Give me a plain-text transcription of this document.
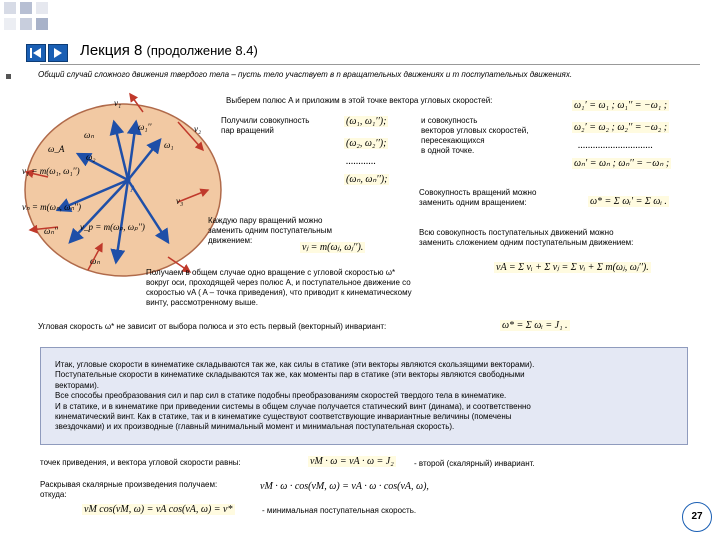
Лекция 8 (продолжение 8.4)
Общий случай сложного движения твердого тела – пусть тело участвует в n вращательных движениях и m поступательных движениях.
v₁
v₂
ω₁′′
ωₙ
ω_A	ω₁
ω₂
v₁ = m(ω₁, ω₁′′)
A
vₙ = m(ωₙ, ωₙ′′)
v₃
ωₙ′′ v_p = m(ωₚ, ωₚ′′)
ωₙ
Выберем полюс A и приложим в этой точке вектора угловых скоростей:
Получили совокупность
пар вращений
(ω₁, ω₁′′);
(ω₂, ω₂′′);
............
(ωₙ, ωₙ′′);
и совокупность
векторов угловых скоростей,
пересекающихся
в одной точке.
ω₁′ = ω₁ ; ω₁′′ = −ω₁ ;
ω₂′ = ω₂ ; ω₂′′ = −ω₂ ;
..............................
ωₙ′ = ωₙ ; ωₙ′′ = −ωₙ ;
Совокупность вращений можно
заменить одним вращением:	ω* = Σ ωᵢ′ = Σ ωᵢ .
Каждую пару вращений можно
заменить одним поступательным
движением:
vⱼ = m(ωⱼ, ωⱼ′′).
Всю совокупность поступательных движений можно
заменить сложением одним поступательным движением:
vA = Σ vᵢ + Σ vⱼ = Σ vᵢ + Σ m(ωⱼ, ωⱼ′′).
Получаем в общем случае одно вращение с угловой скоростью ω*
вокруг оси, проходящей через полюс A, и поступательное движение со
скоростью vA ( A – точка приведения), что приводит к кинематическому
винту, рассмотренному выше.
Угловая скорость ω* не зависит от выбора полюса и это есть первый (векторный) инвариант:	ω* = Σ ωᵢ = J₁ .
Итак, угловые скорости в кинематике складываются так же, как силы в статике (эти векторы являются скользящими векторами).
Поступательные скорости в кинематике складываются так же, как моменты пар в статике (эти векторы являются свободными
векторами).
Все способы преобразования сил и пар сил в статике подобны преобразованиям скоростей твердого тела в кинематике.
И в статике, и в кинематике при приведении системы в общем случае получается статический винт (динама), и соответственно
кинематический винт. Как в статике, так и в кинематике существуют соответствующие инвариантные величины (помечены
звездочками) и их производные (главный минимальный момент и минимальная поступательная скорость).
точек приведения, и вектора угловой скорости равны:	vM · ω = vA · ω = J₂	- второй (скалярный) инвариант.
Раскрывая скалярные произведения получаем:
откуда:
vM · ω · cos(vM, ω) = vA · ω · cos(vA, ω),
vM cos(vM, ω) = vA cos(vA, ω) = v*	- минимальная поступательная скорость.
27
